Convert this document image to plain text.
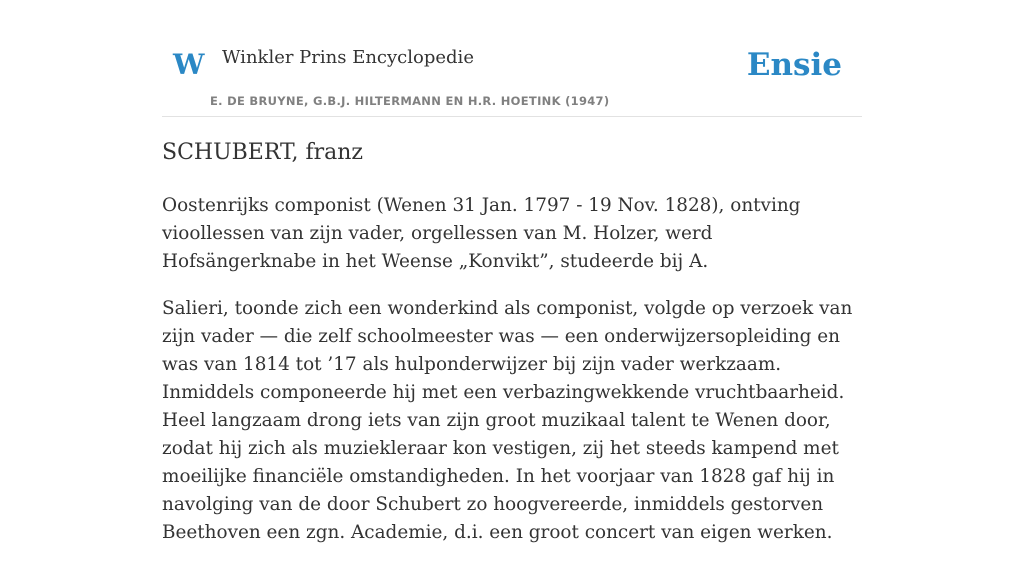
W Winkler Prins Encyclopedie
E. DE BRUYNE, G.B.J. HILTERMANN EN H.R. HOETINK (1947)
Ensie
SCHUBERT, franz

Oostenrijks componist (Wenen 31 Jan. 1797 - 19 Nov. 1828), ontving vioollessen van zijn vader, orgellessen van M. Holzer, werd Hofsängerknabe in het Weense „Konvikt”, studeerde bij A.

Salieri, toonde zich een wonderkind als componist, volgde op verzoek van zijn vader — die zelf schoolmeester was — een onderwijzersopleiding en was van 1814 tot ’17 als hulponderwijzer bij zijn vader werkzaam. Inmiddels componeerde hij met een verbazingwekkende vruchtbaarheid. Heel langzaam drong iets van zijn groot muzikaal talent te Wenen door, zodat hij zich als muziekleraar kon vestigen, zij het steeds kampend met moeilijke financiële omstandigheden. In het voorjaar van 1828 gaf hij in navolging van de door Schubert zo hoogvereerde, inmiddels gestorven Beethoven een zgn. Academie, d.i. een groot concert van eigen werken.
